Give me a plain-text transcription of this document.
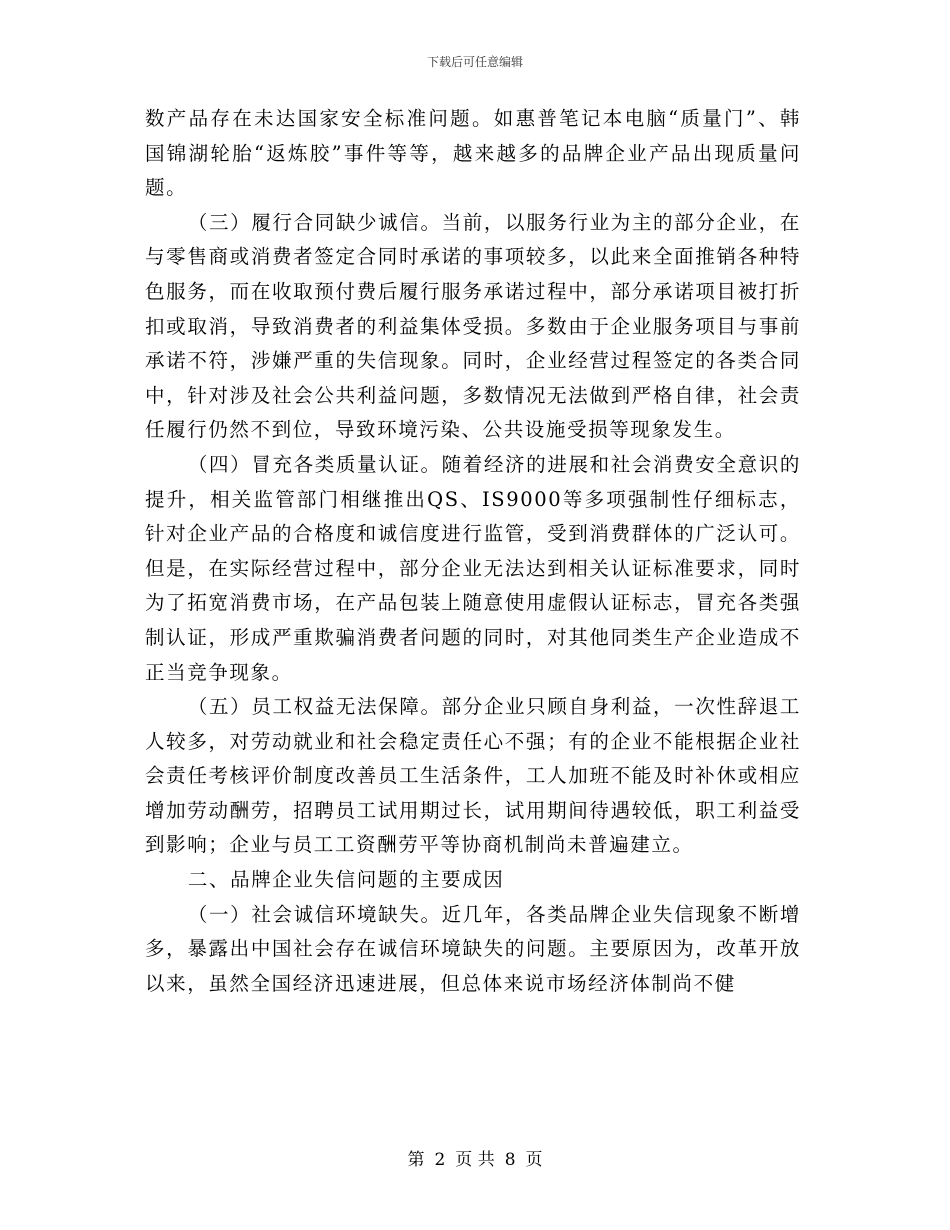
下载后可任意编辑

数产品存在未达国家安全标准问题。如惠普笔记本电脑“质量门”、韩国锦湖轮胎“返炼胶”事件等等，越来越多的品牌企业产品出现质量问题。

（三）履行合同缺少诚信。当前，以服务行业为主的部分企业，在与零售商或消费者签定合同时承诺的事项较多，以此来全面推销各种特色服务，而在收取预付费后履行服务承诺过程中，部分承诺项目被打折扣或取消，导致消费者的利益集体受损。多数由于企业服务项目与事前承诺不符，涉嫌严重的失信现象。同时，企业经营过程签定的各类合同中，针对涉及社会公共利益问题，多数情况无法做到严格自律，社会责任履行仍然不到位，导致环境污染、公共设施受损等现象发生。

（四）冒充各类质量认证。随着经济的进展和社会消费安全意识的提升，相关监管部门相继推出QS、IS9000等多项强制性仔细标志，针对企业产品的合格度和诚信度进行监管，受到消费群体的广泛认可。但是，在实际经营过程中，部分企业无法达到相关认证标准要求，同时为了拓宽消费市场，在产品包装上随意使用虚假认证标志，冒充各类强制认证，形成严重欺骗消费者问题的同时，对其他同类生产企业造成不正当竞争现象。

（五）员工权益无法保障。部分企业只顾自身利益，一次性辞退工人较多，对劳动就业和社会稳定责任心不强；有的企业不能根据企业社会责任考核评价制度改善员工生活条件，工人加班不能及时补休或相应增加劳动酬劳，招聘员工试用期过长，试用期间待遇较低，职工利益受到影响；企业与员工工资酬劳平等协商机制尚未普遍建立。

二、品牌企业失信问题的主要成因

（一）社会诚信环境缺失。近几年，各类品牌企业失信现象不断增多，暴露出中国社会存在诚信环境缺失的问题。主要原因为，改革开放以来，虽然全国经济迅速进展，但总体来说市场经济体制尚不健

第 2 页 共 8 页
